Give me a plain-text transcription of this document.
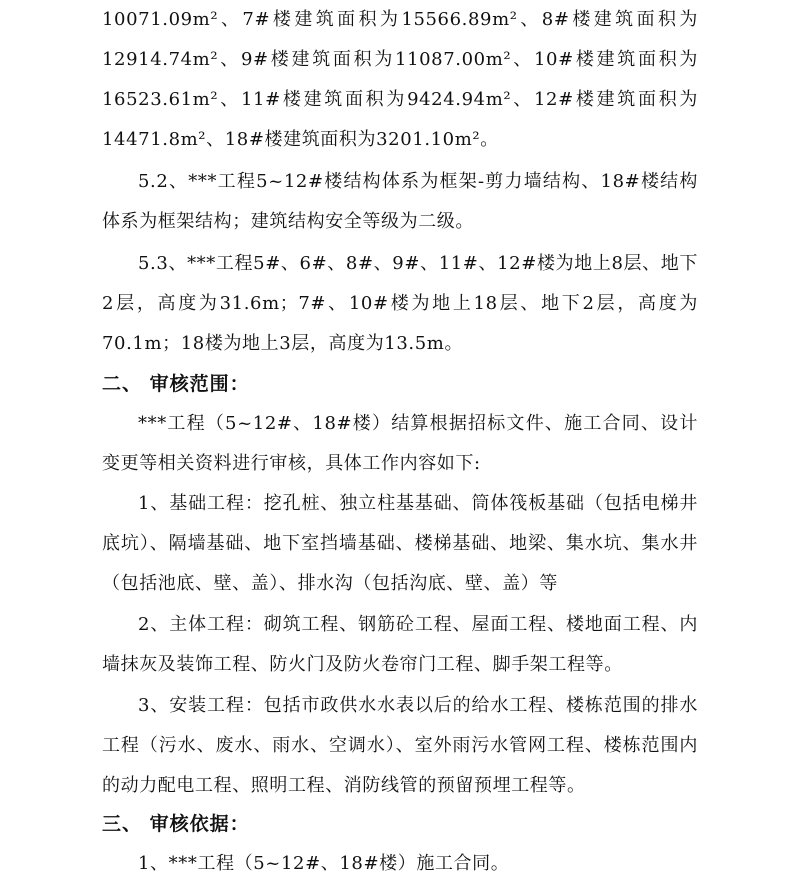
10071.09m²、7#楼建筑面积为15566.89m²、8#楼建筑面积为12914.74m²、9#楼建筑面积为11087.00m²、10#楼建筑面积为16523.61m²、11#楼建筑面积为9424.94m²、12#楼建筑面积为14471.8m²、18#楼建筑面积为3201.10m²。

5.2、***工程5~12#楼结构体系为框架-剪力墙结构、18#楼结构体系为框架结构；建筑结构安全等级为二级。

5.3、***工程5#、6#、8#、9#、11#、12#楼为地上8层、地下2层，高度为31.6m；7#、10#楼为地上18层、地下2层，高度为70.1m；18楼为地上3层，高度为13.5m。

二、 审核范围：

***工程（5~12#、18#楼）结算根据招标文件、施工合同、设计变更等相关资料进行审核，具体工作内容如下:

1、基础工程：挖孔桩、独立柱基基础、筒体筏板基础（包括电梯井底坑）、隔墙基础、地下室挡墙基础、楼梯基础、地梁、集水坑、集水井（包括池底、壁、盖）、排水沟（包括沟底、壁、盖）等

2、主体工程：砌筑工程、钢筋砼工程、屋面工程、楼地面工程、内墙抹灰及装饰工程、防火门及防火卷帘门工程、脚手架工程等。

3、安装工程：包括市政供水水表以后的给水工程、楼栋范围的排水工程（污水、废水、雨水、空调水）、室外雨污水管网工程、楼栋范围内的动力配电工程、照明工程、消防线管的预留预埋工程等。

三、 审核依据：

1、***工程（5~12#、18#楼）施工合同。
